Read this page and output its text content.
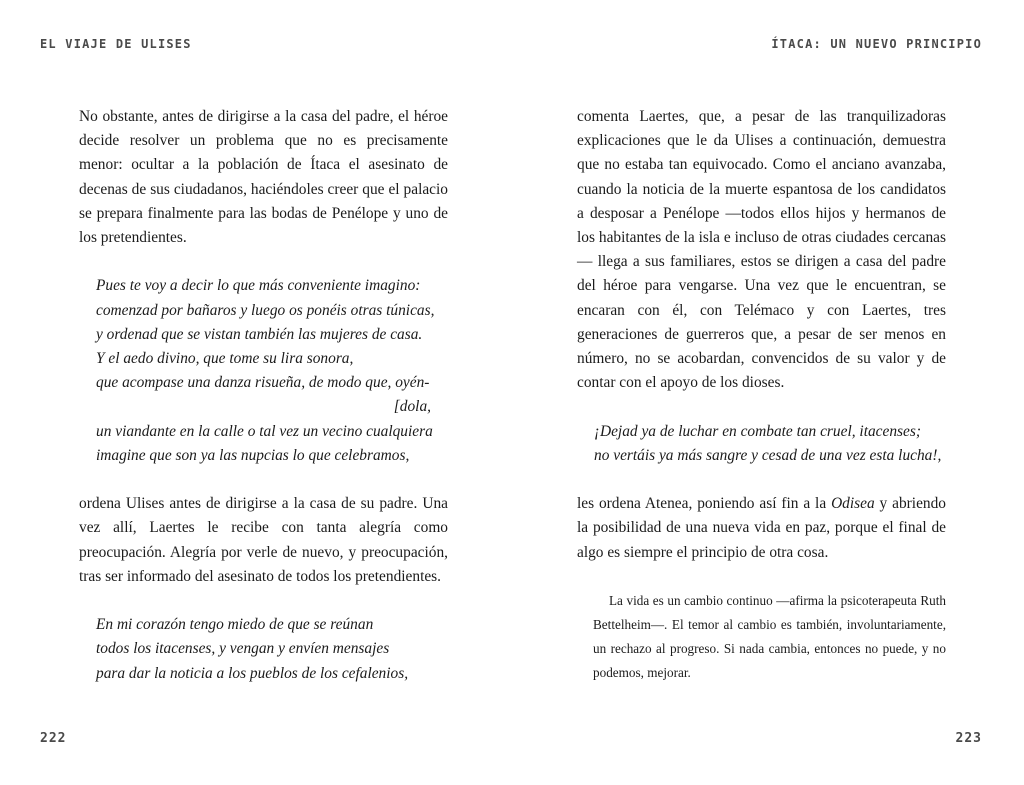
EL VIAJE DE ULISES	ÍTACA: UN NUEVO PRINCIPIO

No obstante, antes de dirigirse a la casa del padre, el héroe decide resolver un problema que no es precisamente menor: ocultar a la población de Ítaca el asesinato de decenas de sus ciudadanos, haciéndoles creer que el palacio se prepara finalmente para las bodas de Penélope y uno de los pretendientes.

Pues te voy a decir lo que más conveniente imagino:
comenzad por bañaros y luego os ponéis otras túnicas,
y ordenad que se vistan también las mujeres de casa.
Y el aedo divino, que tome su lira sonora,
que acompase una danza risueña, de modo que, oyén-
[dola,
un viandante en la calle o tal vez un vecino cualquiera
imagine que son ya las nupcias lo que celebramos,

ordena Ulises antes de dirigirse a la casa de su padre. Una vez allí, Laertes le recibe con tanta alegría como preocupación. Alegría por verle de nuevo, y preocupación, tras ser informado del asesinato de todos los pretendientes.

En mi corazón tengo miedo de que se reúnan
todos los itacenses, y vengan y envíen mensajes
para dar la noticia a los pueblos de los cefalenios,

comenta Laertes, que, a pesar de las tranquilizadoras explicaciones que le da Ulises a continuación, demuestra que no estaba tan equivocado. Como el anciano avanzaba, cuando la noticia de la muerte espantosa de los candidatos a desposar a Penélope —todos ellos hijos y hermanos de los habitantes de la isla e incluso de otras ciudades cercanas— llega a sus familiares, estos se dirigen a casa del padre del héroe para vengarse. Una vez que le encuentran, se encaran con él, con Telémaco y con Laertes, tres generaciones de guerreros que, a pesar de ser menos en número, no se acobardan, convencidos de su valor y de contar con el apoyo de los dioses.

¡Dejad ya de luchar en combate tan cruel, itacenses;
no vertáis ya más sangre y cesad de una vez esta lucha!,

les ordena Atenea, poniendo así fin a la Odisea y abriendo la posibilidad de una nueva vida en paz, porque el final de algo es siempre el principio de otra cosa.

La vida es un cambio continuo —afirma la psicoterapeuta Ruth Bettelheim—. El temor al cambio es también, involuntariamente, un rechazo al progreso. Si nada cambia, entonces no puede, y no podemos, mejorar.

222	223
